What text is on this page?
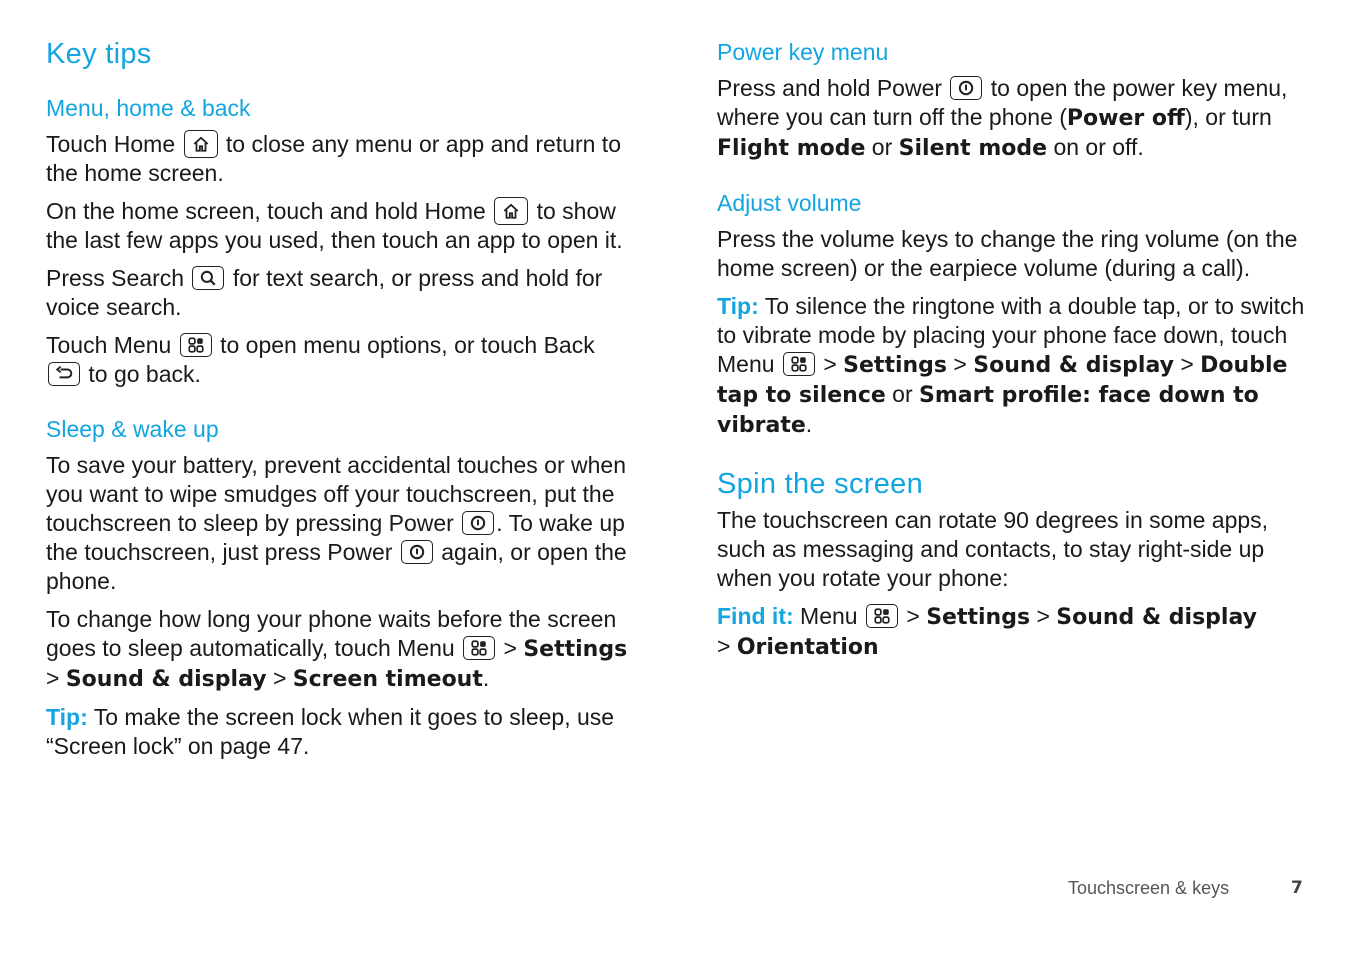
Key tips
Menu, home & back

Touch Home to close any menu or app and return to the home screen.

On the home screen, touch and hold Home to show the last few apps you used, then touch an app to open it.

Press Search for text search, or press and hold for voice search.

Touch Menu to open menu options, or touch Back
to go back.

Sleep & wake up

To save your battery, prevent accidental touches or when you want to wipe smudges off your touchscreen, put the touchscreen to sleep by pressing Power . To wake up the touchscreen, just press Power again, or open the phone.

To change how long your phone waits before the screen goes to sleep automatically, touch Menu > Settings > Sound & display > Screen timeout.

Tip: To make the screen lock when it goes to sleep, use “Screen lock” on page 47.

Power key menu

Press and hold Power to open the power key menu, where you can turn off the phone (Power off), or turn Flight mode or Silent mode on or off.

Adjust volume

Press the volume keys to change the ring volume (on the home screen) or the earpiece volume (during a call).

Tip: To silence the ringtone with a double tap, or to switch to vibrate mode by placing your phone face down, touch Menu > Settings > Sound & display > Double tap to silence or Smart profile: face down to vibrate.

Spin the screen

The touchscreen can rotate 90 degrees in some apps, such as messaging and contacts, to stay right-side up when you rotate your phone:

Find it: Menu > Settings > Sound & display
> Orientation

Touchscreen & keys	7
